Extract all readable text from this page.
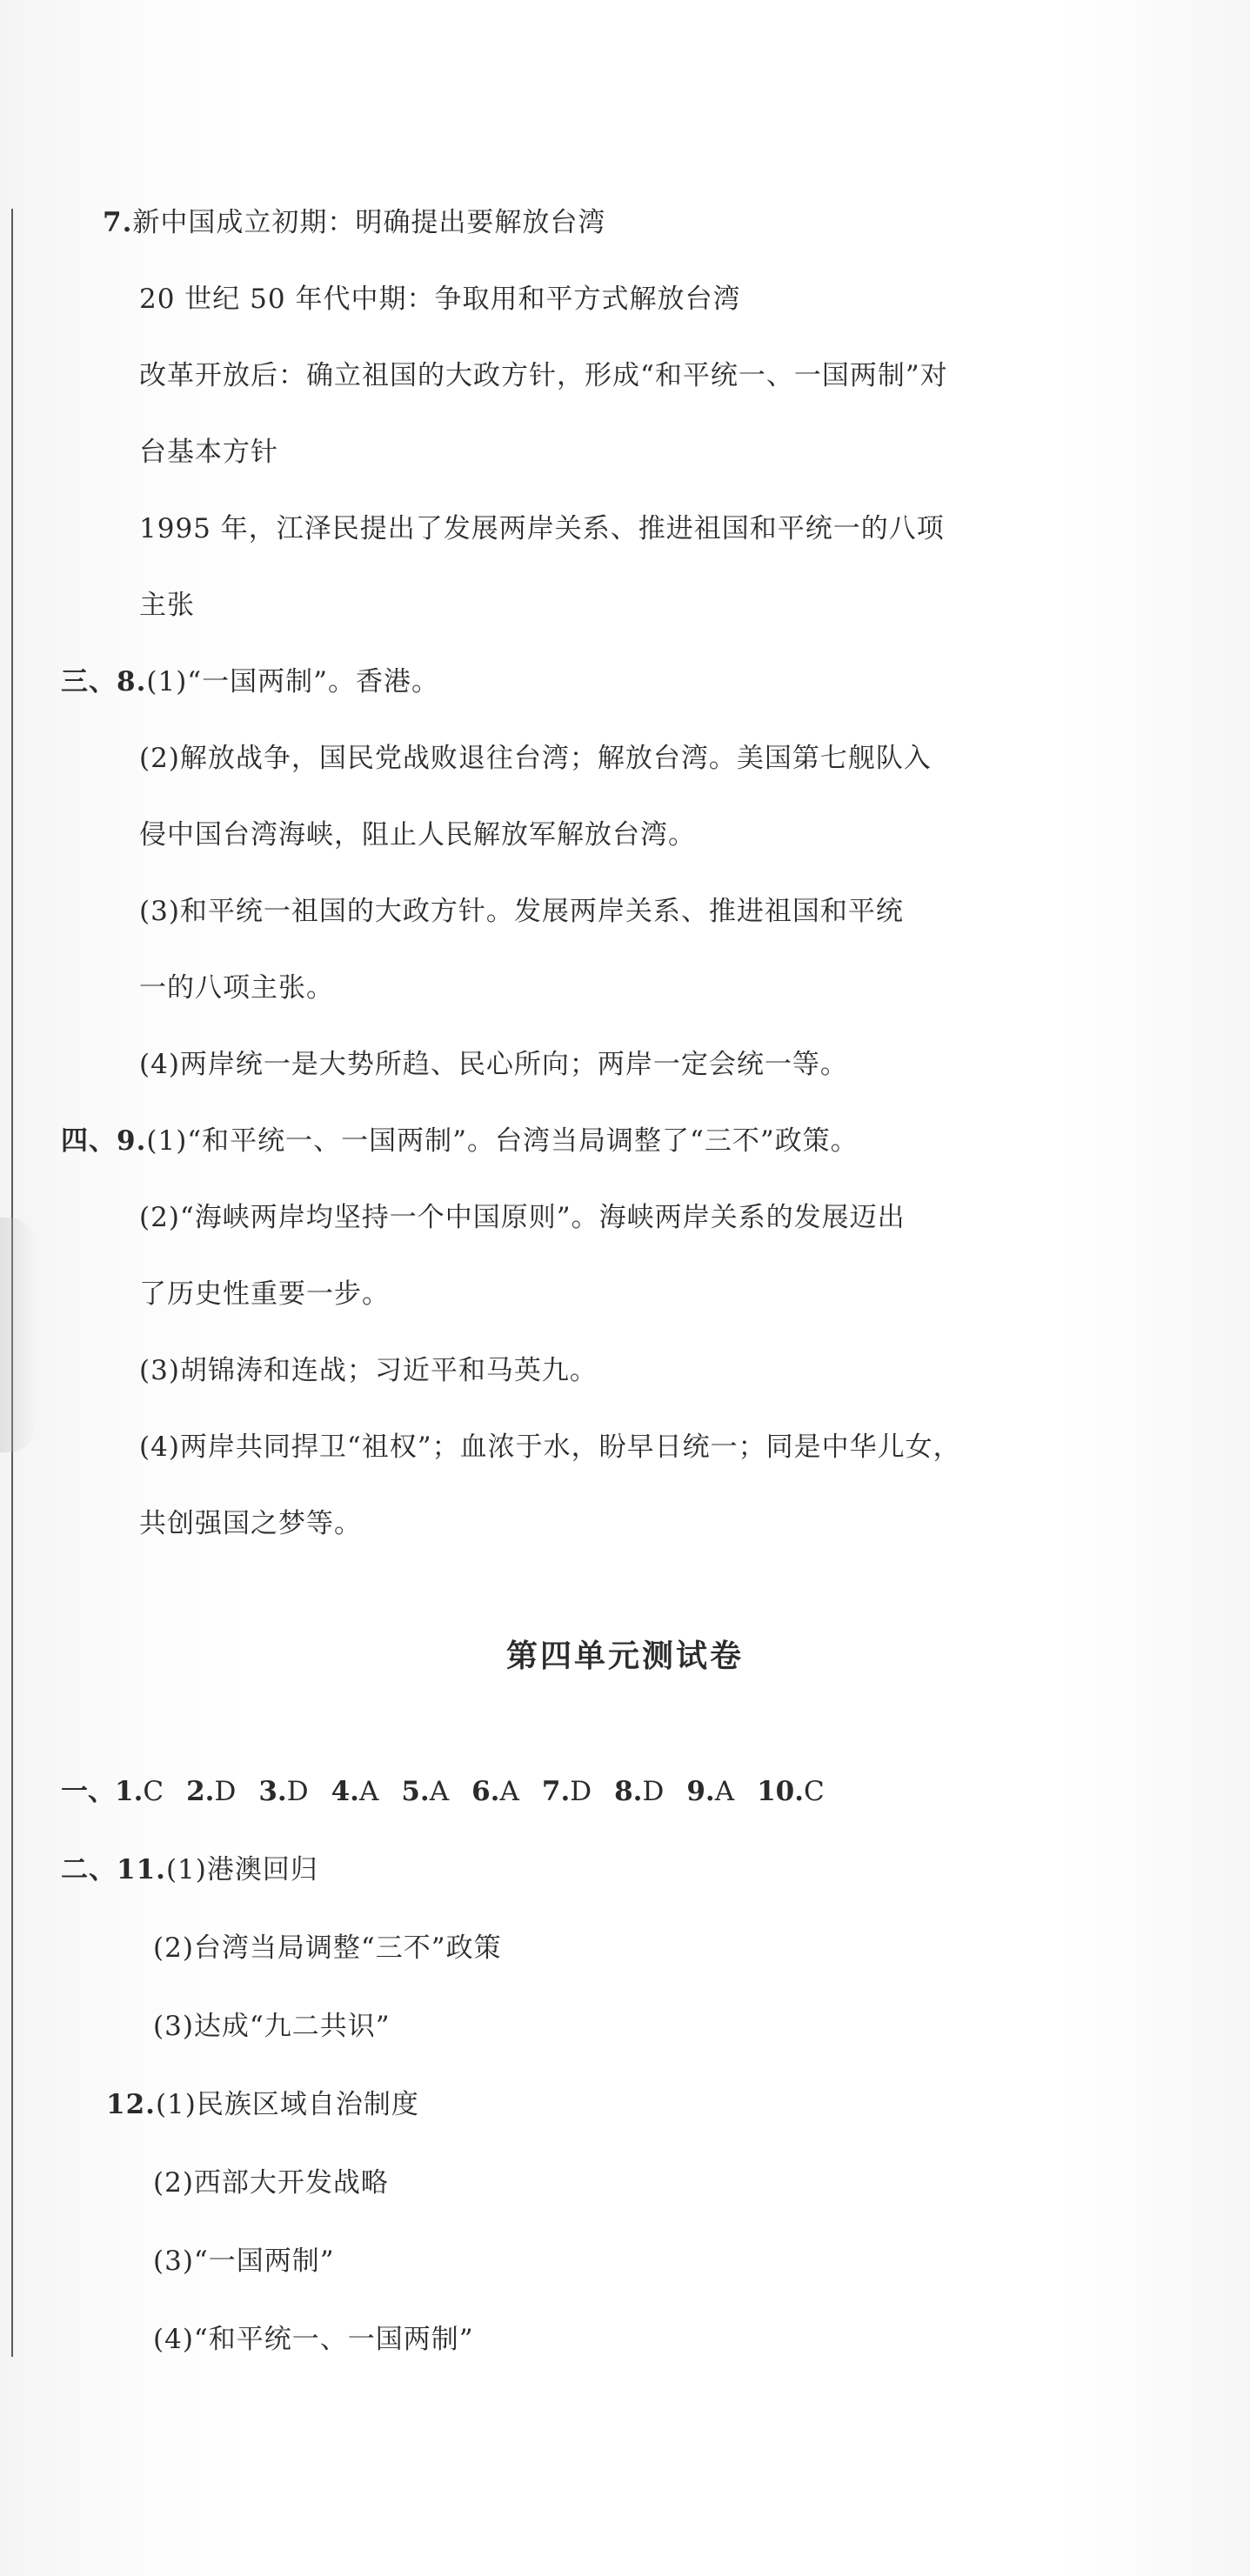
7.新中国成立初期：明确提出要解放台湾
20 世纪 50 年代中期：争取用和平方式解放台湾
改革开放后：确立祖国的大政方针，形成“和平统一、一国两制”对
台基本方针
1995 年，江泽民提出了发展两岸关系、推进祖国和平统一的八项
主张
三、8.(1)“一国两制”。香港。
(2)解放战争，国民党战败退往台湾；解放台湾。美国第七舰队入
侵中国台湾海峡，阻止人民解放军解放台湾。
(3)和平统一祖国的大政方针。发展两岸关系、推进祖国和平统
一的八项主张。
(4)两岸统一是大势所趋、民心所向；两岸一定会统一等。
四、9.(1)“和平统一、一国两制”。台湾当局调整了“三不”政策。
(2)“海峡两岸均坚持一个中国原则”。海峡两岸关系的发展迈出
了历史性重要一步。
(3)胡锦涛和连战；习近平和马英九。
(4)两岸共同捍卫“祖权”；血浓于水，盼早日统一；同是中华儿女，
共创强国之梦等。
第四单元测试卷
一、1.C 2.D 3.D 4.A 5.A 6.A 7.D 8.D 9.A 10.C
二、11.(1)港澳回归
(2)台湾当局调整“三不”政策
(3)达成“九二共识”
12.(1)民族区域自治制度
(2)西部大开发战略
(3)“一国两制”
(4)“和平统一、一国两制”
